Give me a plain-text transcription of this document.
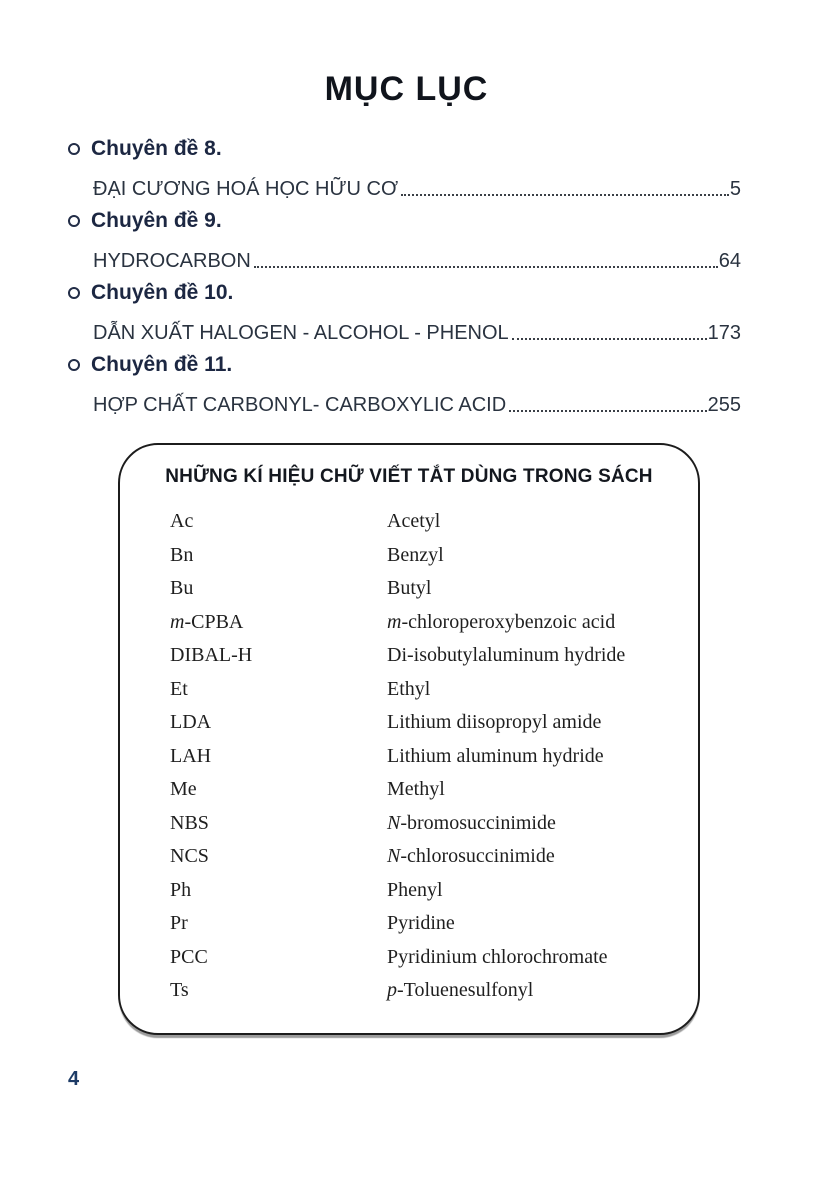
MỤC LỤC
Chuyên đề 8.
ĐẠI CƯƠNG HOÁ HỌC HỮU CƠ	5
Chuyên đề 9.
HYDROCARBON	64
Chuyên đề 10.
DẪN XUẤT HALOGEN - ALCOHOL - PHENOL	173
Chuyên đề 11.
HỢP CHẤT CARBONYL- CARBOXYLIC ACID	255
NHỮNG KÍ HIỆU CHỮ VIẾT TẮT DÙNG TRONG SÁCH
Ac	Acetyl
Bn	Benzyl
Bu	Butyl
m-CPBA	m-chloroperoxybenzoic acid
DIBAL-H	Di-isobutylaluminum hydride
Et	Ethyl
LDA	Lithium diisopropyl amide
LAH	Lithium aluminum hydride
Me	Methyl
NBS	N-bromosuccinimide
NCS	N-chlorosuccinimide
Ph	Phenyl
Pr	Pyridine
PCC	Pyridinium chlorochromate
Ts	p-Toluenesulfonyl
4
